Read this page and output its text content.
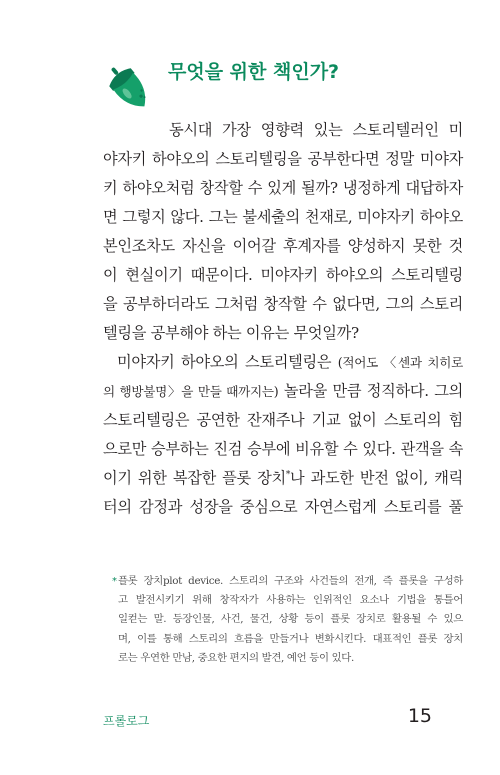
무엇을 위한 책인가?
동시대 가장 영향력 있는 스토리텔러인 미
야자키 하야오의 스토리텔링을 공부한다면 정말 미야자
키 하야오처럼 창작할 수 있게 될까? 냉정하게 대답하자
면 그렇지 않다. 그는 불세출의 천재로, 미야자키 하야오
본인조차도 자신을 이어갈 후계자를 양성하지 못한 것
이 현실이기 때문이다. 미야자키 하야오의 스토리텔링
을 공부하더라도 그처럼 창작할 수 없다면, 그의 스토리
텔링을 공부해야 하는 이유는 무엇일까?
미야자키 하야오의 스토리텔링은 (적어도 〈센과 치히로
의 행방불명〉을 만들 때까지는) 놀라울 만큼 정직하다. 그의
스토리텔링은 공연한 잔재주나 기교 없이 스토리의 힘
으로만 승부하는 진검 승부에 비유할 수 있다. 관객을 속
이기 위한 복잡한 플롯 장치*나 과도한 반전 없이, 캐릭
터의 감정과 성장을 중심으로 자연스럽게 스토리를 풀
* 플롯 장치plot device. 스토리의 구조와 사건들의 전개, 즉 플롯을 구성하
고 발전시키기 위해 창작자가 사용하는 인위적인 요소나 기법을 통틀어
일컫는 말. 등장인물, 사건, 물건, 상황 등이 플롯 장치로 활용될 수 있으
며, 이를 통해 스토리의 흐름을 만들거나 변화시킨다. 대표적인 플롯 장치
로는 우연한 만남, 중요한 편지의 발견, 예언 등이 있다.
프롤로그	15
